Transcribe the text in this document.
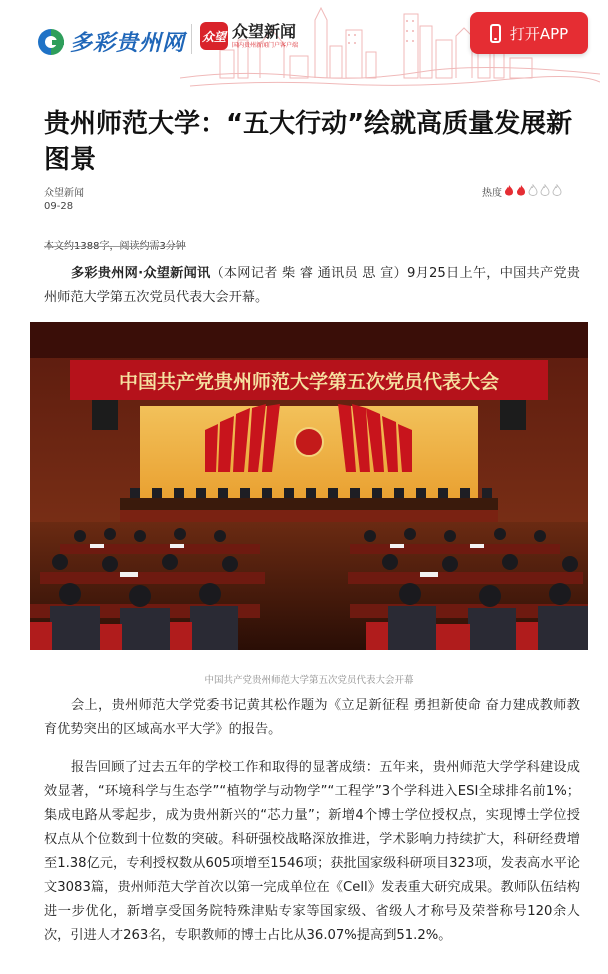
多彩贵州网 众望 众望新闻
国内贵州新闻门户客户端
打开APP
贵州师范大学：“五大行动”绘就高质量发展新图景
众望新闻
09-28
热度
本文约1388字，阅读约需3分钟

多彩贵州网·众望新闻讯（本网记者 柴 睿 通讯员 思 宣）9月25日上午，中国共产党贵州师范大学第五次党员代表大会开幕。

中国共产党贵州师范大学第五次党员代表大会
中国共产党贵州师范大学第五次党员代表大会开幕

会上，贵州师范大学党委书记黄其松作题为《立足新征程 勇担新使命 奋力建成教师教育优势突出的区域高水平大学》的报告。

报告回顾了过去五年的学校工作和取得的显著成绩：五年来，贵州师范大学学科建设成效显著，“环境科学与生态学”“植物学与动物学”“工程学”3个学科进入ESI全球排名前1%；集成电路从零起步，成为贵州新兴的“芯力量”；新增4个博士学位授权点，实现博士学位授权点从个位数到十位数的突破。科研强校战略深放推进，学术影响力持续扩大，科研经费增至1.38亿元，专利授权数从605项增至1546项；获批国家级科研项目323项，发表高水平论文3083篇，贵州师范大学首次以第一完成单位在《Cell》发表重大研究成果。教师队伍结构进一步优化，新增享受国务院特殊津贴专家等国家级、省级人才称号及荣誉称号120余人次，引进人才263名，专职教师的博士占比从36.07%提高到51.2%。
